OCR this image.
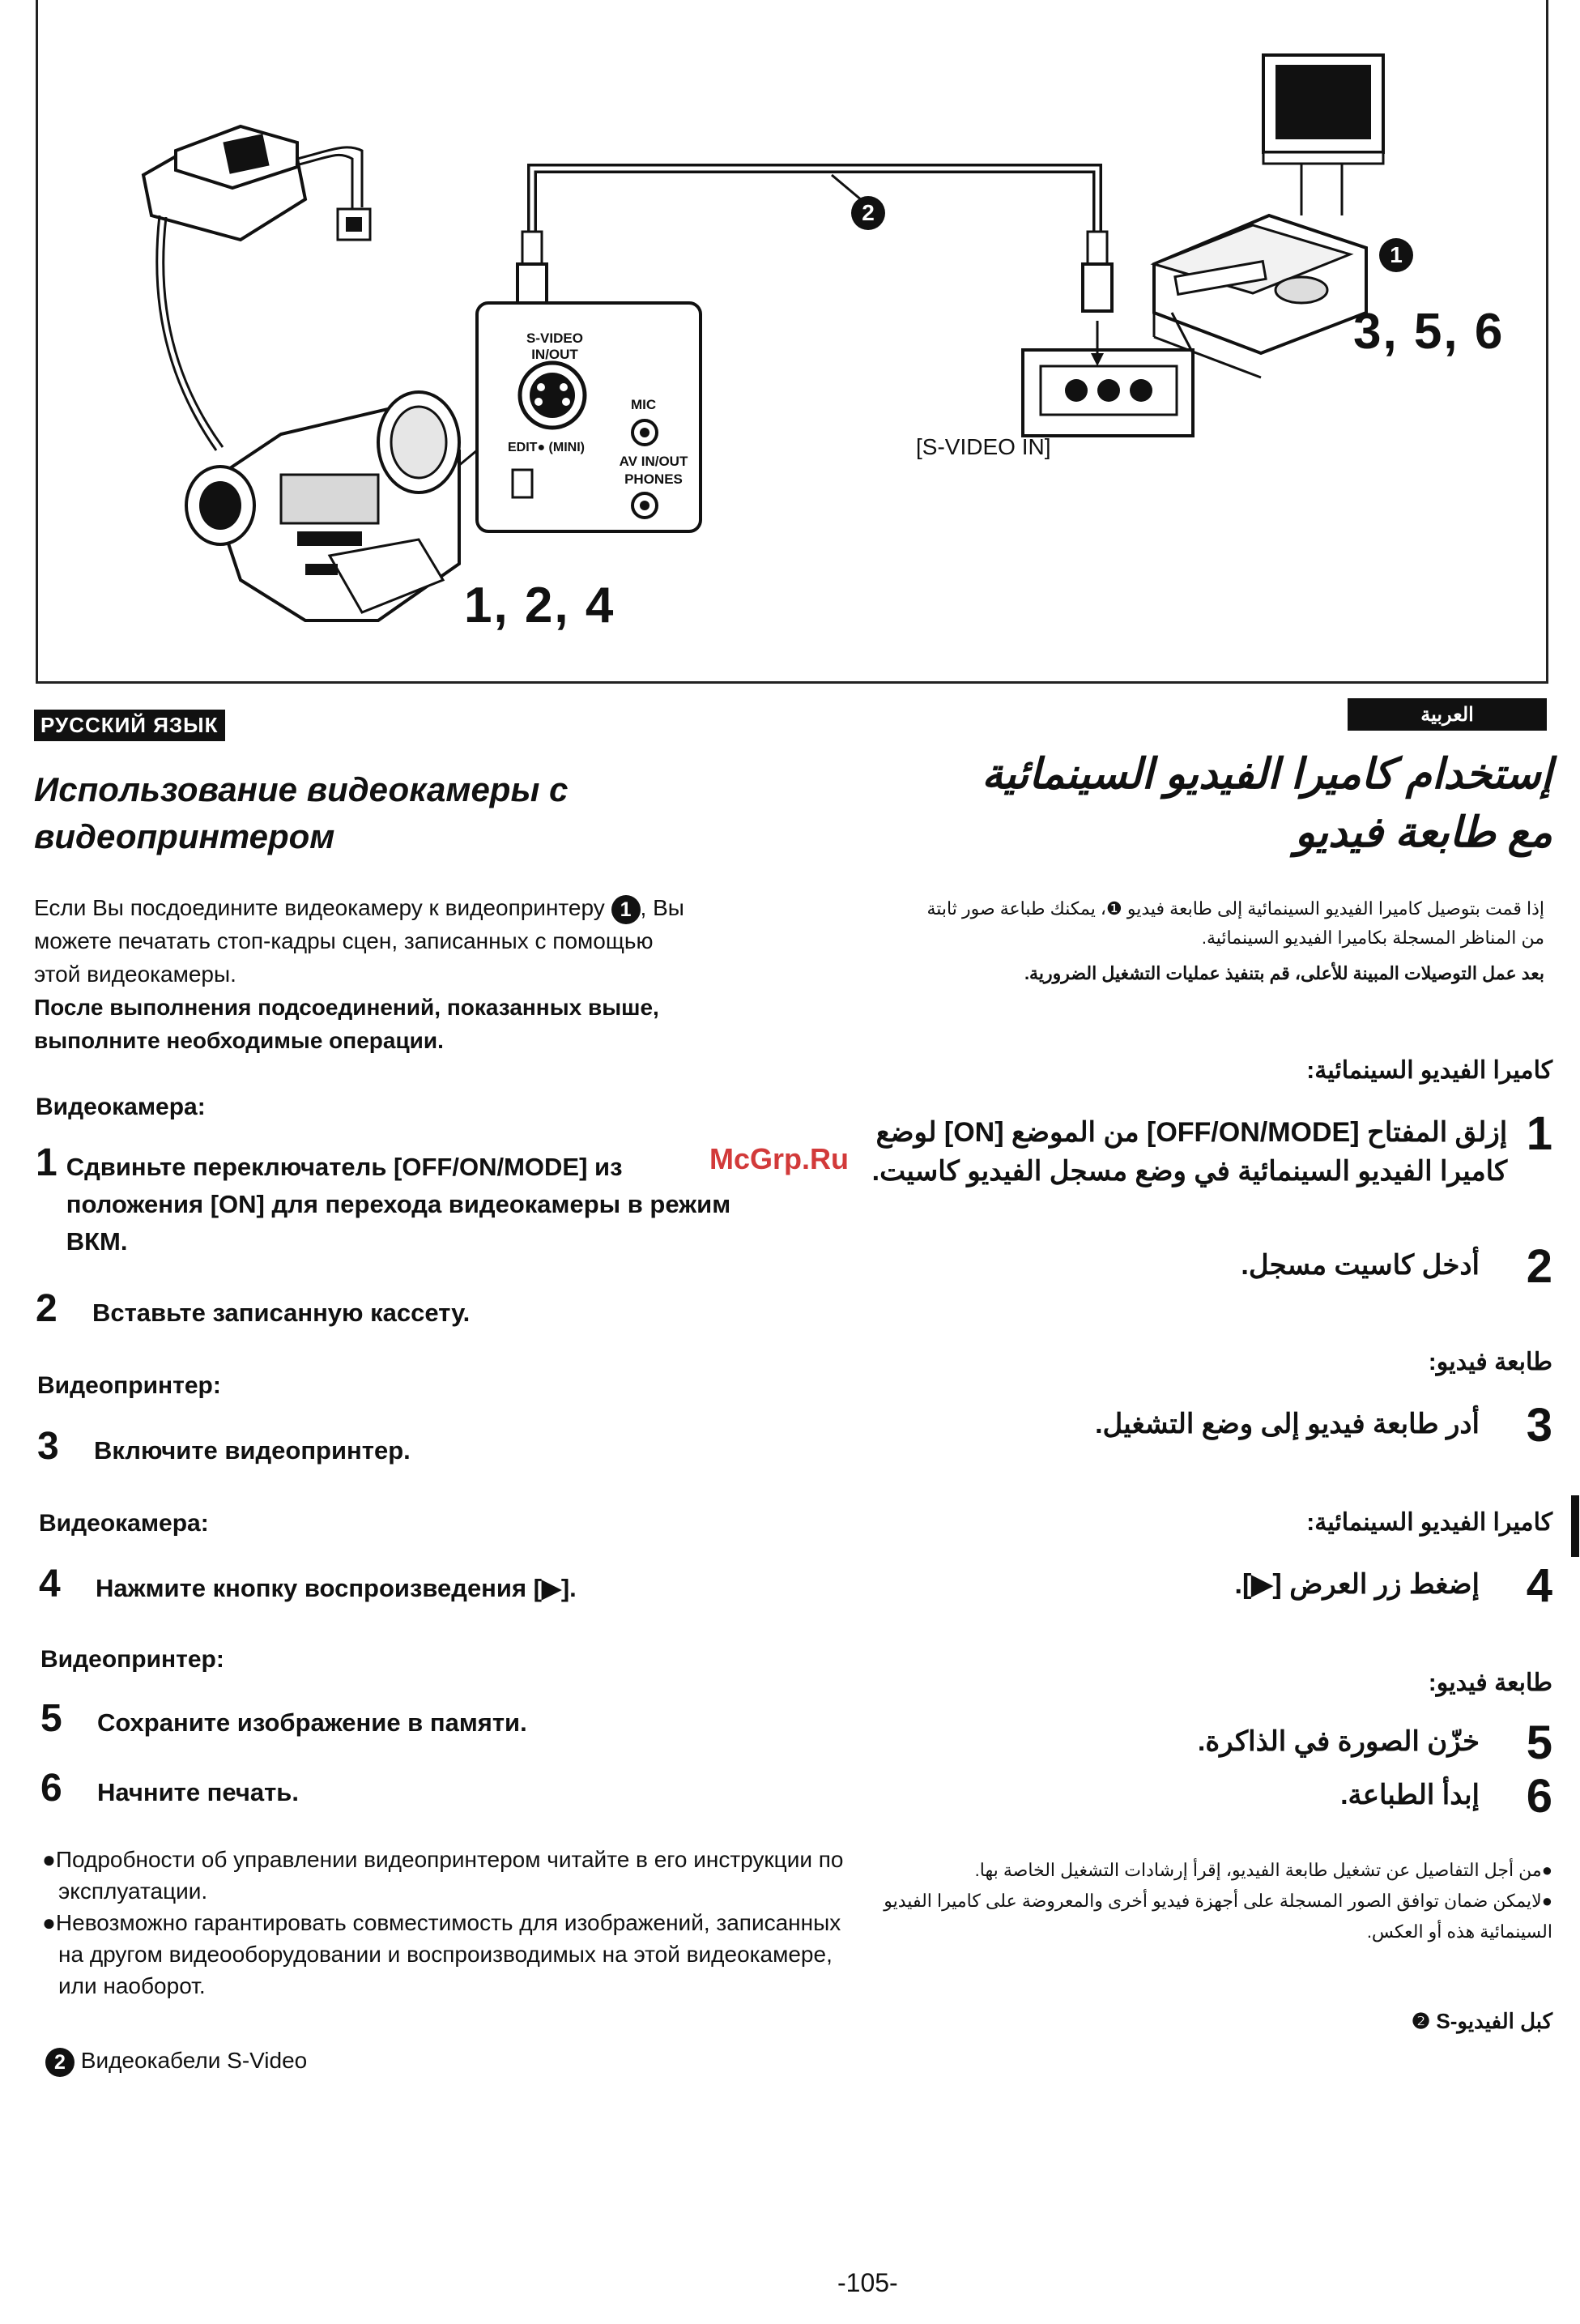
S-VIDEO
IN/OUT
MIC
EDIT● (MINI)
AV IN/OUT
PHONES
[S-VIDEO IN]
1, 2, 4
3, 5, 6
1
2
РУССКИЙ ЯЗЫК	العربية
Использование видеокамеры с
видеопринтером
Если Вы посдоедините видеокамеру к видеопринтеру 1 , Вы
можете печатать стоп-кадры сцен, записанных с помощью
этой видеокамеры.
После выполнения подсоединений, показанных выше,
выполните необходимые операции.
Видеокамера:
1 Сдвиньте переключатель [OFF/ON/MODE] из положения [ON] для перехода видеокамеры в режим ВКМ.
2	Вставьте записанную кассету.
Видеопринтер:
3	Включите видеопринтер.
Видеокамера:
4	Нажмите кнопку воспроизведения [▶].
Видеопринтер:
5	Сохраните изображение в памяти.
6	Начните печать.
●Подробности об управлении видеопринтером читайте в его инструкции по эксплуатации.
●Невозможно гарантировать совместимость для изображений, записанных на другом видеооборудовании и воспроизводимых на этой видеокамере, или наоборот.
2 Видеокабели S-Video
إستخدام كاميرا الفيديو السينمائية
مع طابعة فيديو
إذا قمت بتوصيل كاميرا الفيديو السينمائية إلى طابعة فيديو ❶، يمكنك طباعة صور ثابتة
من المناظر المسجلة بكاميرا الفيديو السينمائية.
بعد عمل التوصيلات المبينة للأعلى، قم بتنفيذ عمليات التشغيل الضرورية.
كاميرا الفيديو السينمائية:
1
إزلق المفتاح [OFF/ON/MODE] من الموضع [ON] لوضع كاميرا الفيديو السينمائية في وضع مسجل الفيديو كاسيت.
2
أدخل كاسيت مسجل.
طابعة فيديو:
3
أدر طابعة فيديو إلى وضع التشغيل.
كاميرا الفيديو السينمائية:
4
إضغط زر العرض [▶].
طابعة فيديو:
5
خزّن الصورة في الذاكرة.
6
إبدأ الطباعة.
●من أجل التفاصيل عن تشغيل طابعة الفيديو، إقرأ إرشادات التشغيل الخاصة بها.
●لايمكن ضمان توافق الصور المسجلة على أجهزة فيديو أخرى والمعروضة على كاميرا الفيديو السينمائية هذه أو العكس.
كبل الفيديو-S ❷
McGrp.Ru
-105-
